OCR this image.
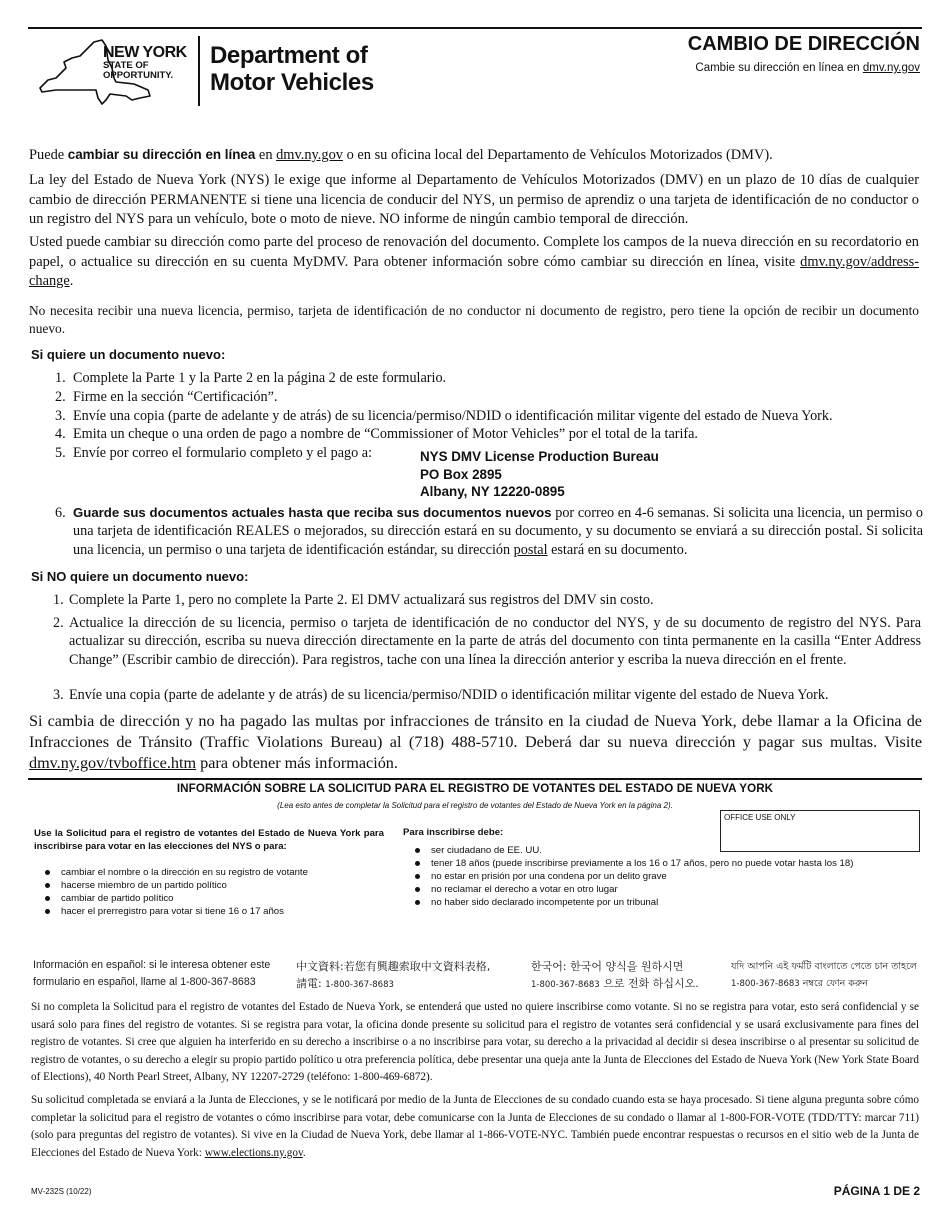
NEW YORK
STATE OF
OPPORTUNITY.
Department of
Motor Vehicles
CAMBIO DE DIRECCIÓN
Cambie su dirección en línea en dmv.ny.gov
Puede cambiar su dirección en línea en dmv.ny.gov o en su oficina local del Departamento de Vehículos Motorizados (DMV).
La ley del Estado de Nueva York (NYS) le exige que informe al Departamento de Vehículos Motorizados (DMV) en un plazo de 10 días de cualquier cambio de dirección PERMANENTE si tiene una licencia de conducir del NYS, un permiso de aprendiz o una tarjeta de identificación de no conductor o un registro del NYS para un vehículo, bote o moto de nieve. NO informe de ningún cambio temporal de dirección.
Usted puede cambiar su dirección como parte del proceso de renovación del documento. Complete los campos de la nueva dirección en su recordatorio en papel, o actualice su dirección en su cuenta MyDMV. Para obtener información sobre cómo cambiar su dirección en línea, visite dmv.ny.gov/address-change.
No necesita recibir una nueva licencia, permiso, tarjeta de identificación de no conductor ni documento de registro, pero tiene la opción de recibir un documento nuevo.
Si quiere un documento nuevo:
1. Complete la Parte 1 y la Parte 2 en la página 2 de este formulario.
2. Firme en la sección “Certificación”.
3. Envíe una copia (parte de adelante y de atrás) de su licencia/permiso/NDID o identificación militar vigente del estado de Nueva York.
4. Emita un cheque o una orden de pago a nombre de “Commissioner of Motor Vehicles” por el total de la tarifa.
5. Envíe por correo el formulario completo y el pago a:	NYS DMV License Production Bureau
PO Box 2895
Albany, NY 12220-0895
6. Guarde sus documentos actuales hasta que reciba sus documentos nuevos por correo en 4-6 semanas. Si solicita una licencia, un permiso o una tarjeta de identificación REALES o mejorados, su dirección estará en su documento, y su documento se enviará a su dirección postal. Si solicita una licencia, un permiso o una tarjeta de identificación estándar, su dirección postal estará en su documento.
Si NO quiere un documento nuevo:
1. Complete la Parte 1, pero no complete la Parte 2. El DMV actualizará sus registros del DMV sin costo.
2. Actualice la dirección de su licencia, permiso o tarjeta de identificación de no conductor del NYS, y de su documento de registro del NYS. Para actualizar su dirección, escriba su nueva dirección directamente en la parte de atrás del documento con tinta permanente en la casilla “Enter Address Change” (Escribir cambio de dirección). Para registros, tache con una línea la dirección anterior y escriba la nueva dirección en el frente.
3. Envíe una copia (parte de adelante y de atrás) de su licencia/permiso/NDID o identificación militar vigente del estado de Nueva York.
Si cambia de dirección y no ha pagado las multas por infracciones de tránsito en la ciudad de Nueva York, debe llamar a la Oficina de Infracciones de Tránsito (Traffic Violations Bureau) al (718) 488-5710. Deberá dar su nueva dirección y pagar sus multas. Visite dmv.ny.gov/tvboffice.htm para obtener más información.
INFORMACIÓN SOBRE LA SOLICITUD PARA EL REGISTRO DE VOTANTES DEL ESTADO DE NUEVA YORK
(Lea esto antes de completar la Solicitud para el registro de votantes del Estado de Nueva York en la página 2).
OFFICE USE ONLY
Use la Solicitud para el registro de votantes del Estado de Nueva York para inscribirse para votar en las elecciones del NYS o para:
cambiar el nombre o la dirección en su registro de votante
hacerse miembro de un partido político
cambiar de partido político
hacer el prerregistro para votar si tiene 16 o 17 años
Para inscribirse debe:
ser ciudadano de EE. UU.
tener 18 años (puede inscribirse previamente a los 16 o 17 años, pero no puede votar hasta los 18)
no estar en prisión por una condena por un delito grave
no reclamar el derecho a votar en otro lugar
no haber sido declarado incompetente por un tribunal
Información en español: si le interesa obtener este
formulario en español, llame al 1-800-367-8683
中文資料:若您有興趣索取中文資料表格,
請電: 1-800-367-8683
한국어: 한국어 양식을 원하시면
1-800-367-8683 으로 전화 하십시오.
যদি আপনি এই ফর্মটি বাংলাতে পেতে চান তাহলে
1-800-367-8683 নম্বরে ফোন করুন
Si no completa la Solicitud para el registro de votantes del Estado de Nueva York, se entenderá que usted no quiere inscribirse como votante. Si no se registra para votar, esto será confidencial y se usará solo para fines del registro de votantes. Si se registra para votar, la oficina donde presente su solicitud para el registro de votantes será confidencial y se usará exclusivamente para fines del registro de votantes. Si cree que alguien ha interferido en su derecho a inscribirse o a no inscribirse para votar, su derecho a la privacidad al decidir si desea inscribirse o al presentar su solicitud de registro de votantes, o su derecho a elegir su propio partido político u otra preferencia política, debe presentar una queja ante la Junta de Elecciones del Estado de Nueva York (New York State Board of Elections), 40 North Pearl Street, Albany, NY 12207-2729 (teléfono: 1-800-469-6872).
Su solicitud completada se enviará a la Junta de Elecciones, y se le notificará por medio de la Junta de Elecciones de su condado cuando esta se haya procesado. Si tiene alguna pregunta sobre cómo completar la solicitud para el registro de votantes o cómo inscribirse para votar, debe comunicarse con la Junta de Elecciones de su condado o llamar al 1-800-FOR-VOTE (TDD/TTY: marcar 711) (solo para preguntas del registro de votantes). Si vive en la Ciudad de Nueva York, debe llamar al 1-866-VOTE-NYC. También puede encontrar respuestas o recursos en el sitio web de la Junta de Elecciones del Estado de Nueva York: www.elections.ny.gov.
MV-232S (10/22)	PÁGINA 1 DE 2
